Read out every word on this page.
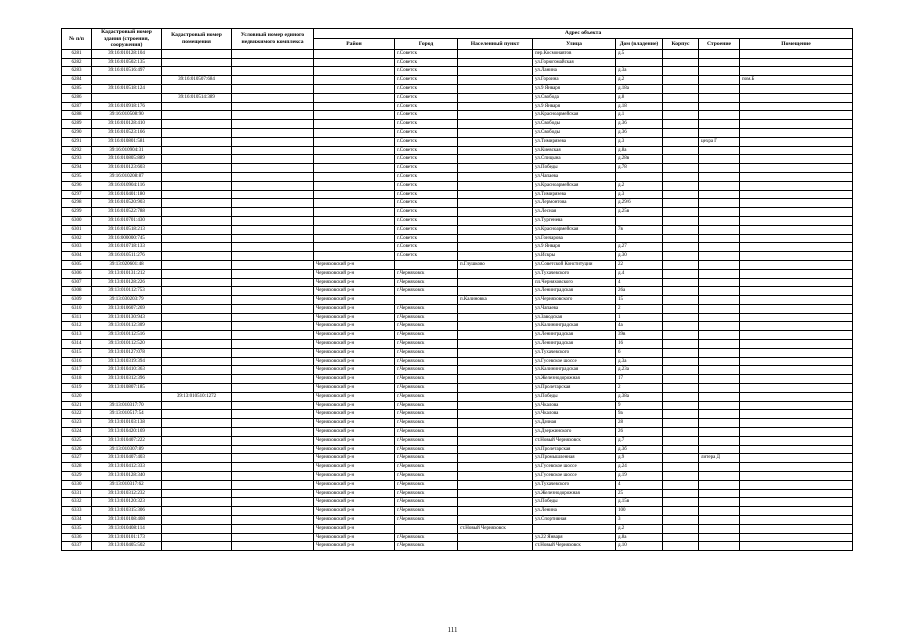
№ п/п	Кадастровый номер здания (строения, сооружения)	Кадастровый номер помещения	Условный номер единого недвижимого комплекса	Адрес объекта							
				Район	Город	Населенный пункт	Улица	Дом (владение)	Корпус	Строение	Помещение
6281	39:16:010128:104				г.Советск		пер.Космонавтов	д.5			
6282	39:16:010502:135				г.Советск		ул.Горюгомайская				
6283	39:16:010516:497				г.Советск		ул.Ланина	д.3а			
6284		39:16:010507:684			г.Советск		ул.Гороина	д.2			пом.Б
6285	39:16:010518:124				г.Советск		ул.9 Января	д.18а			
6286		39:16:010514:389			г.Советск		ул.Свобода	д.8			
6287	39:16:010918:176				г.Советск		ул.9 Января	д.18			
6288	39:16:010508:90				г.Советск		ул.Красноармейская	д.1			
6289	39:16:010128:410				г.Советск		ул.Свободы	д.36			
6290	39:16:010523:166				г.Советск		ул.Свободы	д.36			
6291	39:16:010801:581				г.Советск		ул.Тимирязева	д.3		цехра Г	
6292	39:16:010904:31				г.Советск		ул.Киевская	д.8а			
6293	39:16:010805:889				г.Советск		ул.Спицына	д.28в			
6294	39:16:010123:603				г.Советск		ул.Победы	д.78			
6295	39:16:010208:87				г.Советск		ул.Чапаева				
6296	39:16:010904:116				г.Советск		ул.Красноармейская	д.2			
6297	39:16:010401:180				г.Советск		ул.Тимирязева	д.3			
6298	39:16:010520:903				г.Советск		ул.Лермонтова	д.29/6			
6299	39:16:010522:788				г.Советск		ул.Лесная	д.25в			
6300	39:16:010701:430				г.Советск		ул.Тургенева				
6301	39:16:010518:213				г.Советск		ул.Красноармейская	7в			
6302	39:16:000000:745				г.Советск		ул.Гончарова				
6303	39:16:010718:133				г.Советск		ул.9 Января	д.27			
6304	39:16:010511:276				г.Советск		ул.Искры	д.30			
6305	39:13:020601:48			Черняховский р-н		п.Глушково	ул.Советской Конституции	22			
6306	39:13:010131:212			Черняховский р-н	г.Черняховск		ул.Тухачевского	д.4			
6307	39:13:010128:226			Черняховский р-н	г.Черняховск		пл.Черняховского	4			
6308	39:13:010112:753			Черняховский р-н	г.Черняховск		ул.Ленинградская	26а			
6309	39:13:030203:79			Черняховский р-н		п.Калиновка	ул.Черняховского	15			
6310	39:13:010607:269			Черняховский р-н	г.Черняховск		ул.Чапаева	2			
6311	39:13:010130:943			Черняховский р-н	г.Черняховск		ул.Заводская	1			
6312	39:13:010112:309			Черняховский р-н	г.Черняховск		ул.Калининградская	4а			
6313	39:13:010112:516			Черняховский р-н	г.Черняховск		ул.Ленинградская	39в			
6314	39:13:010112:520			Черняховский р-н	г.Черняховск		ул.Ленинградская	16			
6315	39:13:010127:078			Черняховский р-н	г.Черняховск		ул.Тухачевского	6			
6316	39:13:010319:394			Черняховский р-н	г.Черняховск		ул.Гусевское шоссе	д.3а			
6317	39:13:010410:363			Черняховский р-н	г.Черняховск		ул.Калининградская	д.23а			
6318	39:13:010312:396			Черняховский р-н	г.Черняховск		ул.Железнодорожная	17			
6319	39:13:010807:185			Черняховский р-н	г.Черняховск		ул.Пролетарская	2			
6320		39:13:010510:1272		Черняховский р-н	г.Черняховск		ул.Победы	д.38а			
6321	39:13:010317:70			Черняховский р-н	г.Черняховск		ул.Чкалова	9			
6322	39:13:010517:54			Черняховский р-н	г.Черняховск		ул.Чкалова	9а			
6323	39:13:010103:138			Черняховский р-н	г.Черняховск		ул.Дачная	28			
6324	39:13:010420:169			Черняховский р-н	г.Черняховск		ул.Дзержинского	26			
6325	39:13:010407:222			Черняховский р-н	г.Черняховск		ст.Новый Черняховск	д.7			
6326	39:13:010307:89			Черняховский р-н	г.Черняховск		ул.Пролетарская	д.3б			
6327	39:13:010407:403			Черняховский р-н	г.Черняховск		ул.Промышленная	д.9		литера Д	
6328	39:13:010412:333			Черняховский р-н	г.Черняховск		ул.Гусевское шоссе	д.24			
6329	39:13:010128:340			Черняховский р-н	г.Черняховск		ул.Гусевское шоссе	д.19			
6330	39:13:010317:62			Черняховский р-н	г.Черняховск		ул.Тухачевского	4			
6331	39:13:010312:232			Черняховский р-н	г.Черняховск		ул.Железнодорожная	25			
6332	39:13:010120:323			Черняховский р-н	г.Черняховск		ул.Победы	д.15в			
6333	39:13:010315:306			Черняховский р-н	г.Черняховск		ул.Ленина	100			
6334	39:13:010108:408			Черняховский р-н	г.Черняховск		ул.Спортивная	3			
6335	39:13:010408:114			Черняховский р-н		ст.Новый Черняховск		д.2			
6336	39:13:010101:173			Черняховский р-н	г.Черняховск		ул.22 Января	д.8а			
6337	39:13:010405:502			Черняховский р-н	г.Черняховск		ст.Новый Черняховск	д.10			
111
